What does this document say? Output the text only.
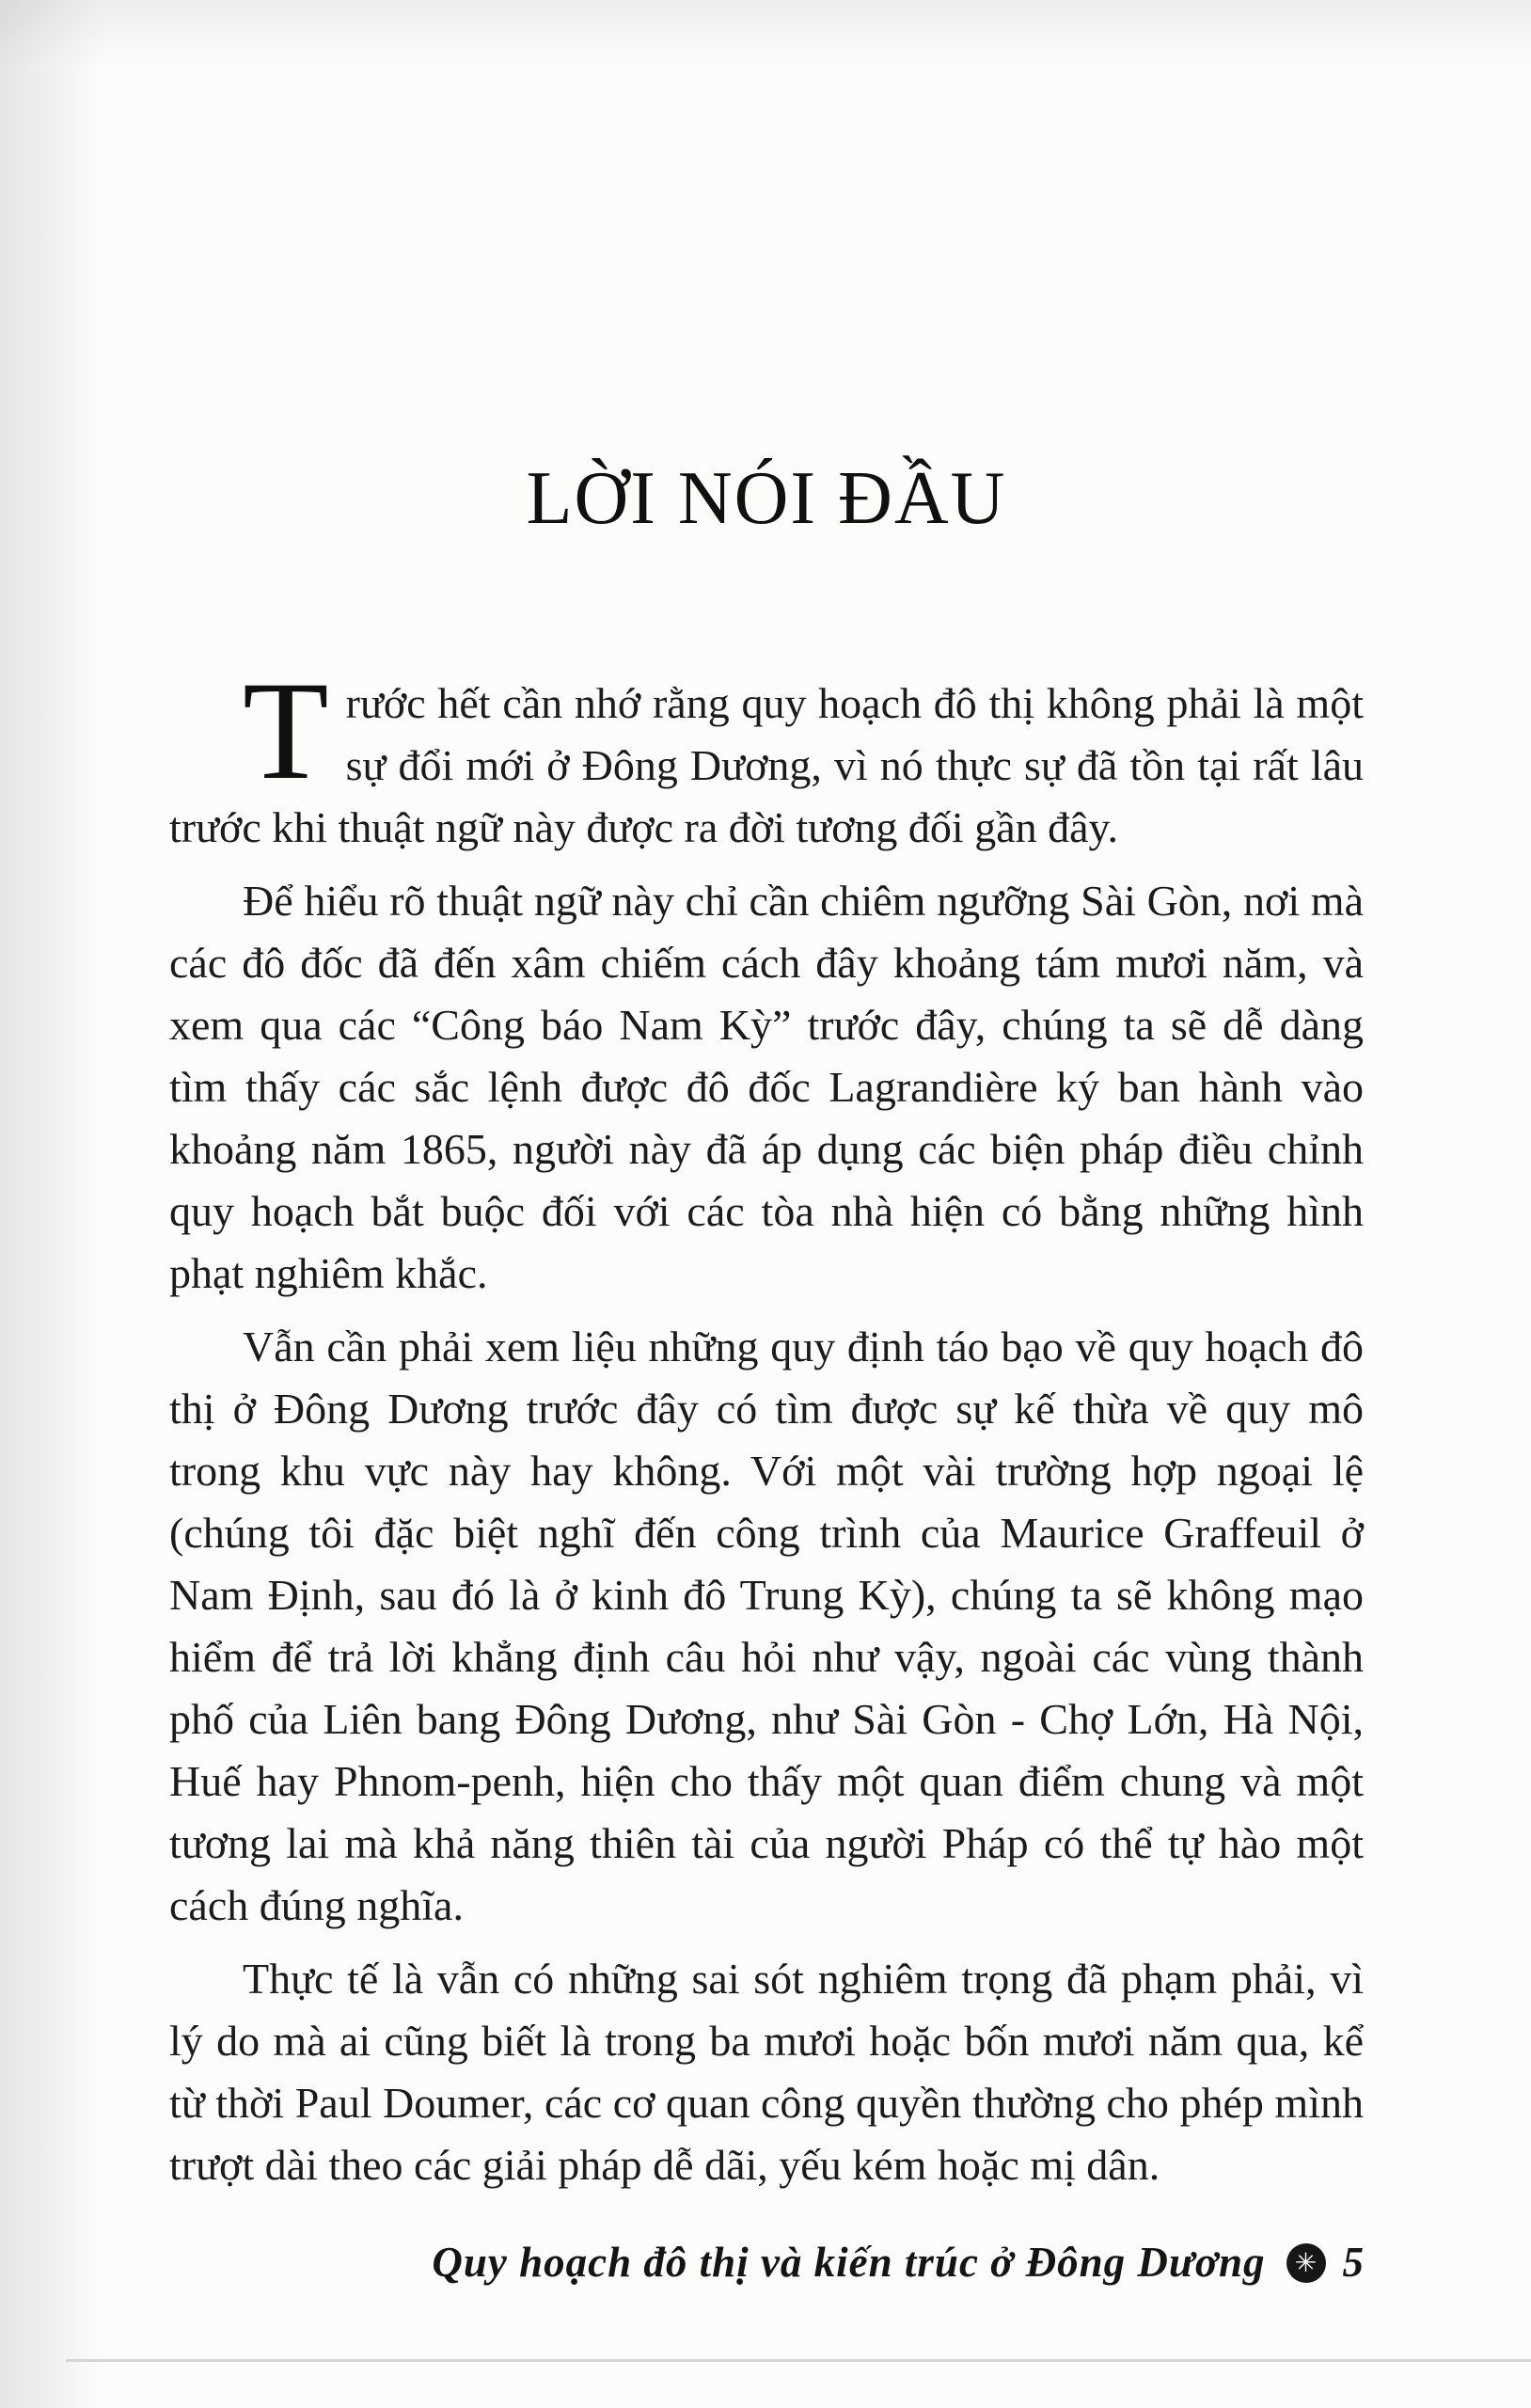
LỜI NÓI ĐẦU

Trước hết cần nhớ rằng quy hoạch đô thị không phải là một sự đổi mới ở Đông Dương, vì nó thực sự đã tồn tại rất lâu trước khi thuật ngữ này được ra đời tương đối gần đây.

Để hiểu rõ thuật ngữ này chỉ cần chiêm ngưỡng Sài Gòn, nơi mà các đô đốc đã đến xâm chiếm cách đây khoảng tám mươi năm, và xem qua các “Công báo Nam Kỳ” trước đây, chúng ta sẽ dễ dàng tìm thấy các sắc lệnh được đô đốc Lagrandière ký ban hành vào khoảng năm 1865, người này đã áp dụng các biện pháp điều chỉnh quy hoạch bắt buộc đối với các tòa nhà hiện có bằng những hình phạt nghiêm khắc.

Vẫn cần phải xem liệu những quy định táo bạo về quy hoạch đô thị ở Đông Dương trước đây có tìm được sự kế thừa về quy mô trong khu vực này hay không. Với một vài trường hợp ngoại lệ (chúng tôi đặc biệt nghĩ đến công trình của Maurice Graffeuil ở Nam Định, sau đó là ở kinh đô Trung Kỳ), chúng ta sẽ không mạo hiểm để trả lời khẳng định câu hỏi như vậy, ngoài các vùng thành phố của Liên bang Đông Dương, như Sài Gòn - Chợ Lớn, Hà Nội, Huế hay Phnom-penh, hiện cho thấy một quan điểm chung và một tương lai mà khả năng thiên tài của người Pháp có thể tự hào một cách đúng nghĩa.

Thực tế là vẫn có những sai sót nghiêm trọng đã phạm phải, vì lý do mà ai cũng biết là trong ba mươi hoặc bốn mươi năm qua, kể từ thời Paul Doumer, các cơ quan công quyền thường cho phép mình trượt dài theo các giải pháp dễ dãi, yếu kém hoặc mị dân.

Quy hoạch đô thị và kiến trúc ở Đông Dương	✳ 5
